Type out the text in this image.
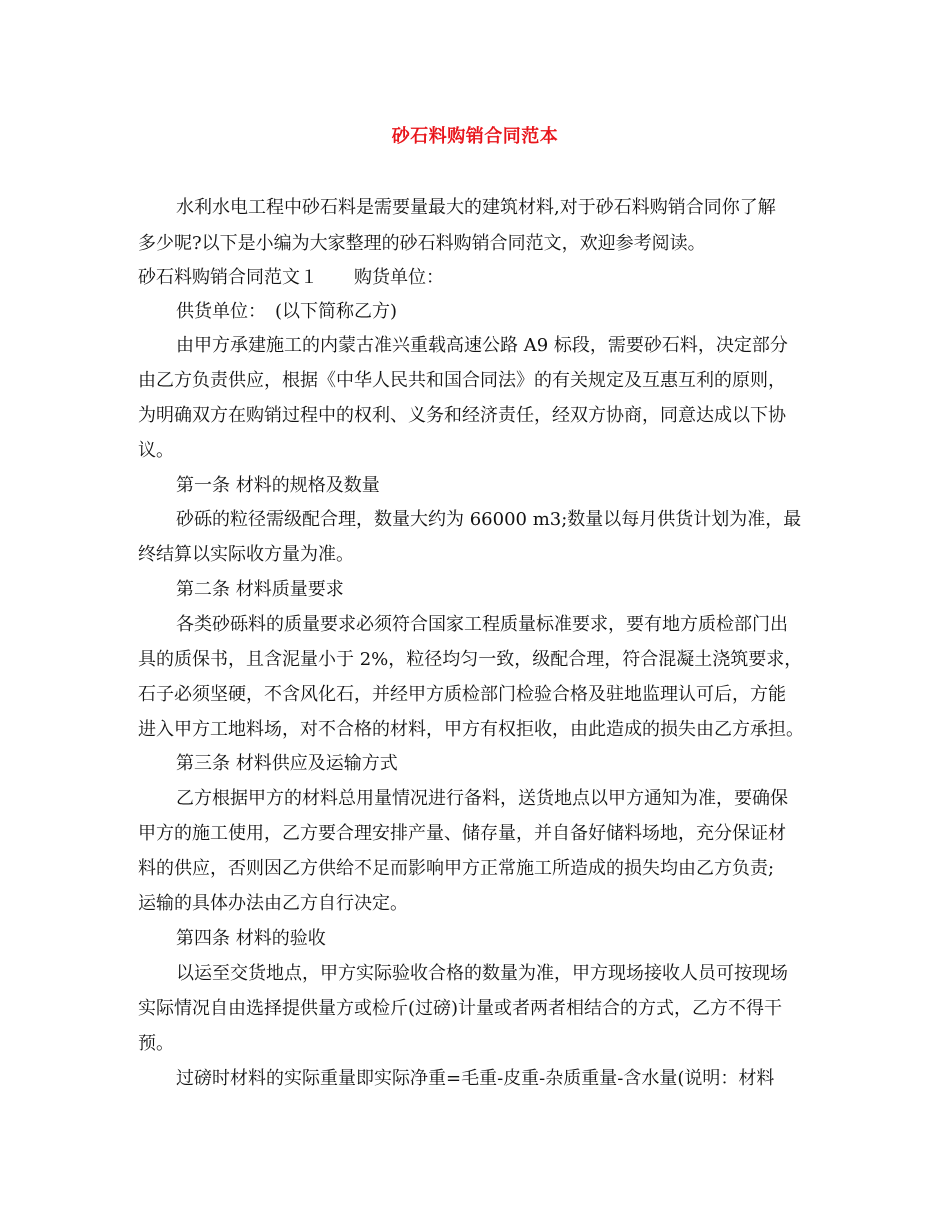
砂石料购销合同范本
水利水电工程中砂石料是需要量最大的建筑材料,对于砂石料购销合同你了解
多少呢?以下是小编为大家整理的砂石料购销合同范文，欢迎参考阅读。
砂石料购销合同范文１　　购货单位：
供货单位：　(以下简称乙方)
由甲方承建施工的内蒙古准兴重载高速公路 A9 标段，需要砂石料，决定部分
由乙方负责供应，根据《中华人民共和国合同法》的有关规定及互惠互利的原则，
为明确双方在购销过程中的权利、义务和经济责任，经双方协商，同意达成以下协
议。
第一条 材料的规格及数量
砂砾的粒径需级配合理，数量大约为 66000 m3;数量以每月供货计划为准，最
终结算以实际收方量为准。
第二条 材料质量要求
各类砂砾料的质量要求必须符合国家工程质量标准要求，要有地方质检部门出
具的质保书，且含泥量小于 2%，粒径均匀一致，级配合理，符合混凝土浇筑要求，
石子必须坚硬，不含风化石，并经甲方质检部门检验合格及驻地监理认可后，方能
进入甲方工地料场，对不合格的材料，甲方有权拒收，由此造成的损失由乙方承担。
第三条 材料供应及运输方式
乙方根据甲方的材料总用量情况进行备料，送货地点以甲方通知为准，要确保
甲方的施工使用，乙方要合理安排产量、储存量，并自备好储料场地，充分保证材
料的供应，否则因乙方供给不足而影响甲方正常施工所造成的损失均由乙方负责;
运输的具体办法由乙方自行决定。
第四条 材料的验收
以运至交货地点，甲方实际验收合格的数量为准，甲方现场接收人员可按现场
实际情况自由选择提供量方或检斤(过磅)计量或者两者相结合的方式，乙方不得干
预。
过磅时材料的实际重量即实际净重=毛重-皮重-杂质重量-含水量(说明：材料
